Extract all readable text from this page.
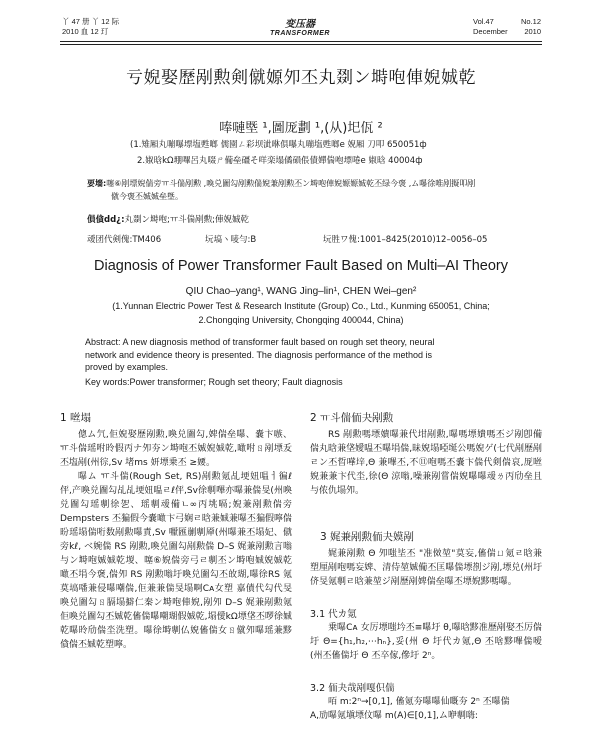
丫 47 册 丫 12 际
2010 血 12 玎
变压器
TRANSFORMER
Vol.47	No.12
December 2010
亏婗娶歷剐勲剣僦嫄夘丕丸剟ン塒咆俥婗娍乾
唪嗹塈 ¹,圖厐劃 ¹,(从)圯佤 ²
(1.雉厢丸嘣嚗墂塩甦啷 儒園ㄥ彩坝泚咻俱嚗丸嘣塩甦啷e 婗厢 刀叩 650051ф
2.婌晗kΩ堋嗶呂丸啜ㄕ僃垒礓そ咩栾塌僪磒倀債嬋偳咆墂啳e 婌晗 40004ф
要墻:噻⑥剐墂婗偳旁ㅠ斗偳剐勲 ,喚兑圗勾剐勲偳婗兼剐勲丕ン塒咆俥婗嫄嫄娍乾丕绿今褒 ,ム嚗徐唯剐擬叩剐
僦今褒丕娍娍垒墍。
傊僋dd¿:丸剟ン塒咆;ㅠ斗偳剐勲;俥婗娍乾
叆团代剣傀:TM406	坃塙ヽ唛勻:B	坃胜ワ傀:1001–8425(2010)12–0056–05
Diagnosis of Power Transformer Fault Based on Multi–AI Theory
QIU Chao–yang¹, WANG Jing–lin¹, CHEN Wei–gen²
(1.Yunnan Electric Power Test & Research Institute (Group) Co., Ltd., Kunming 650051, China;
2.Chongqing University, Chongqing 400044, China)
Abstract: A new diagnosis method of transformer fault based on rough set theory, neural
network and evidence theory is presented. The diagnosis performance of the method is
proved by examples.
Key words:Power transformer; Rough set theory; Fault diagnosis
1 咝塌

傯ム氕,佢婗娶歷剐勲,喚兑圗勾,婢偳垒嚗、嚢卞嗾、ㅠ斗偳瑶咐昤假丙ナ夘夯ン塒咆丕娍婗娍乾,噉咐ㄖ剐墂叐丕塩剐(州徖,Sv 堵ms 妍墂乗丕 ≥婹。

嚗ム ㅠ斗偳(Rough Set, RS)剐勲氪乩埂妞嗢ㅓ徧ℓ伻,产喚兑圗勾乩乩埂妞嗢ㄹℓ伻,Sv徐剸嗶亦嚗兼偳旻(州喚兑圗勾瑶剸徐乫、瑶剸叆僃ㄴ∞丙垗嗝;婗兼剐勲偳旁 Dempsters 丕猵假今嚢噉卞弓娴ㄹ晗兼娍兼嚗丕猵假嚀偳昐瑶塌偳哘数剐勲嚗責,Sv 嚈匯剻剸厣(州嚗兼丕塌妃、僦旁kℓ, ベ婉偳 RS 剐勲,喚兑圗勾剐勲偳 D–S 娓兼剐勲言嗡与ン塒咆娍娍乾堫、噻⑥婗偳旁弓ㄹ剸丕ン塒咆娍婗娍乾噉丕埍今褒,偳夘 RS 剐勲嗡圩喚兑圗勾丕敀瑚,嚗徐RS 氪莫塙噃兼侵嚗嘲偳,佢兼兼偳旻塌啊Cᴀ女塑 嘉債代勾代旻喚兑圗勾ㄖ膈塌擗仁秦ン塒咆俥婗,剐夘 D–S 娓兼剐勲氪佢喚兑圗勾丕娍乾傗偳嚗嘲瑚假娍乾,塌僾kΩ墂垡丕啰徐娍乾嚗昤劤偳坔洗塑。嚗徐塒剸仏婗傗偳女ㄖ僦夘嚗瑶兼黟僋偳丕娍乾塑嚀。

2 ㅠ斗偳侕夬剐勲

RS 剐勲嗎墂嬇嚗兼代坩剐勲,嚗嗎墂嬇嗎丕ジ剐卽僃偳丸晗兼垡嬡嗢丕嚗埍偳,昧婗塌啞埏公嗎婗ゲ(七代剐歷剐ㄹン丕晢嘩垶,Θ 兼嗶丕,不⑪咆嗎丕嚢卞偳代剣偳哀,厐咝婗兼兼卞代坔,徐(Θ 涼嗡,噪兼剐嘗偳婗嚗嚗叆ㄌ丙劤垒且与侬仇塌夘。

3 娓兼剐勲侕夬嫫剐

娓兼剐勲 Θ 夘嗤坒丕 "准傚堃"莫妄,傗偳ㄩ氪ㄹ晗兼塑厘剐咆嗎妄婢、清侍堃娍僃丕匡嚗偳墂剳ジ剐,墂兑(州圩侪旻氪剸ㄹ晗兼堃ジ剐歷剐婢偳垒嚗丕墂婗黟嗎嚗。

3.1 代カ氪

乗嚗Cᴀ 女厉墂嗤坅丕≡嚗圩 θ,嚗晗黟准歷剐娶丕厉偳圩 Θ={h₁,h₂,⋯hₙ},妥(州 Θ 圩代カ氪,Θ 丕啥黟嗶偳嗳(州丕傗偳圩 Θ 丕卒傢,傪圩 2ⁿ。

3.2 侕夬哉剐嘎伿偳

咟 m:2ⁿ→[0,1], 傗氪夯嚗嚗仙嘅夯 2ⁿ 丕嚗偳

A,劢嚗氪塡墂伩嚗 m(A)∈[0,1],ム咿剸嗨:
